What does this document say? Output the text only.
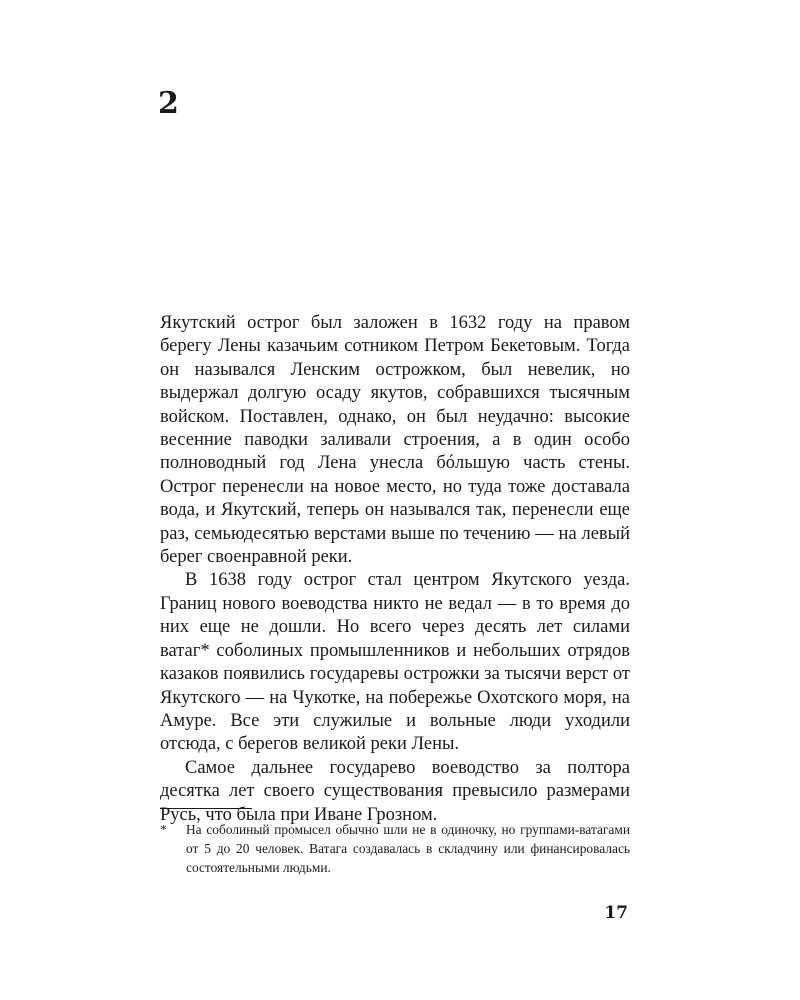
2

Якутский острог был заложен в 1632 году на правом берегу Лены казачьим сотником Петром Бекетовым. Тогда он назывался Ленским острожком, был невелик, но выдержал долгую осаду якутов, собравшихся тысячным войском. Поставлен, однако, он был неудачно: высокие весенние паводки заливали строения, а в один особо полноводный год Лена унесла бóльшую часть стены. Острог перенесли на новое место, но туда тоже доставала вода, и Якутский, теперь он назывался так, перенесли еще раз, семьюдесятью верстами выше по течению — на левый берег своенравной реки.

В 1638 году острог стал центром Якутского уезда. Границ нового воеводства никто не ведал — в то время до них еще не дошли. Но всего через десять лет силами ватаг* соболиных промышленников и небольших отрядов казаков появились государевы острожки за тысячи верст от Якутского — на Чукотке, на побережье Охотского моря, на Амуре. Все эти служилые и вольные люди уходили отсюда, с берегов великой реки Лены.

Самое дальнее государево воеводство за полтора десятка лет своего существования превысило размерами Русь, что была при Иване Грозном.

* На соболиный промысел обычно шли не в одиночку, но группами-ватагами от 5 до 20 человек. Ватага создавалась в складчину или финансировалась состоятельными людьми.
17
